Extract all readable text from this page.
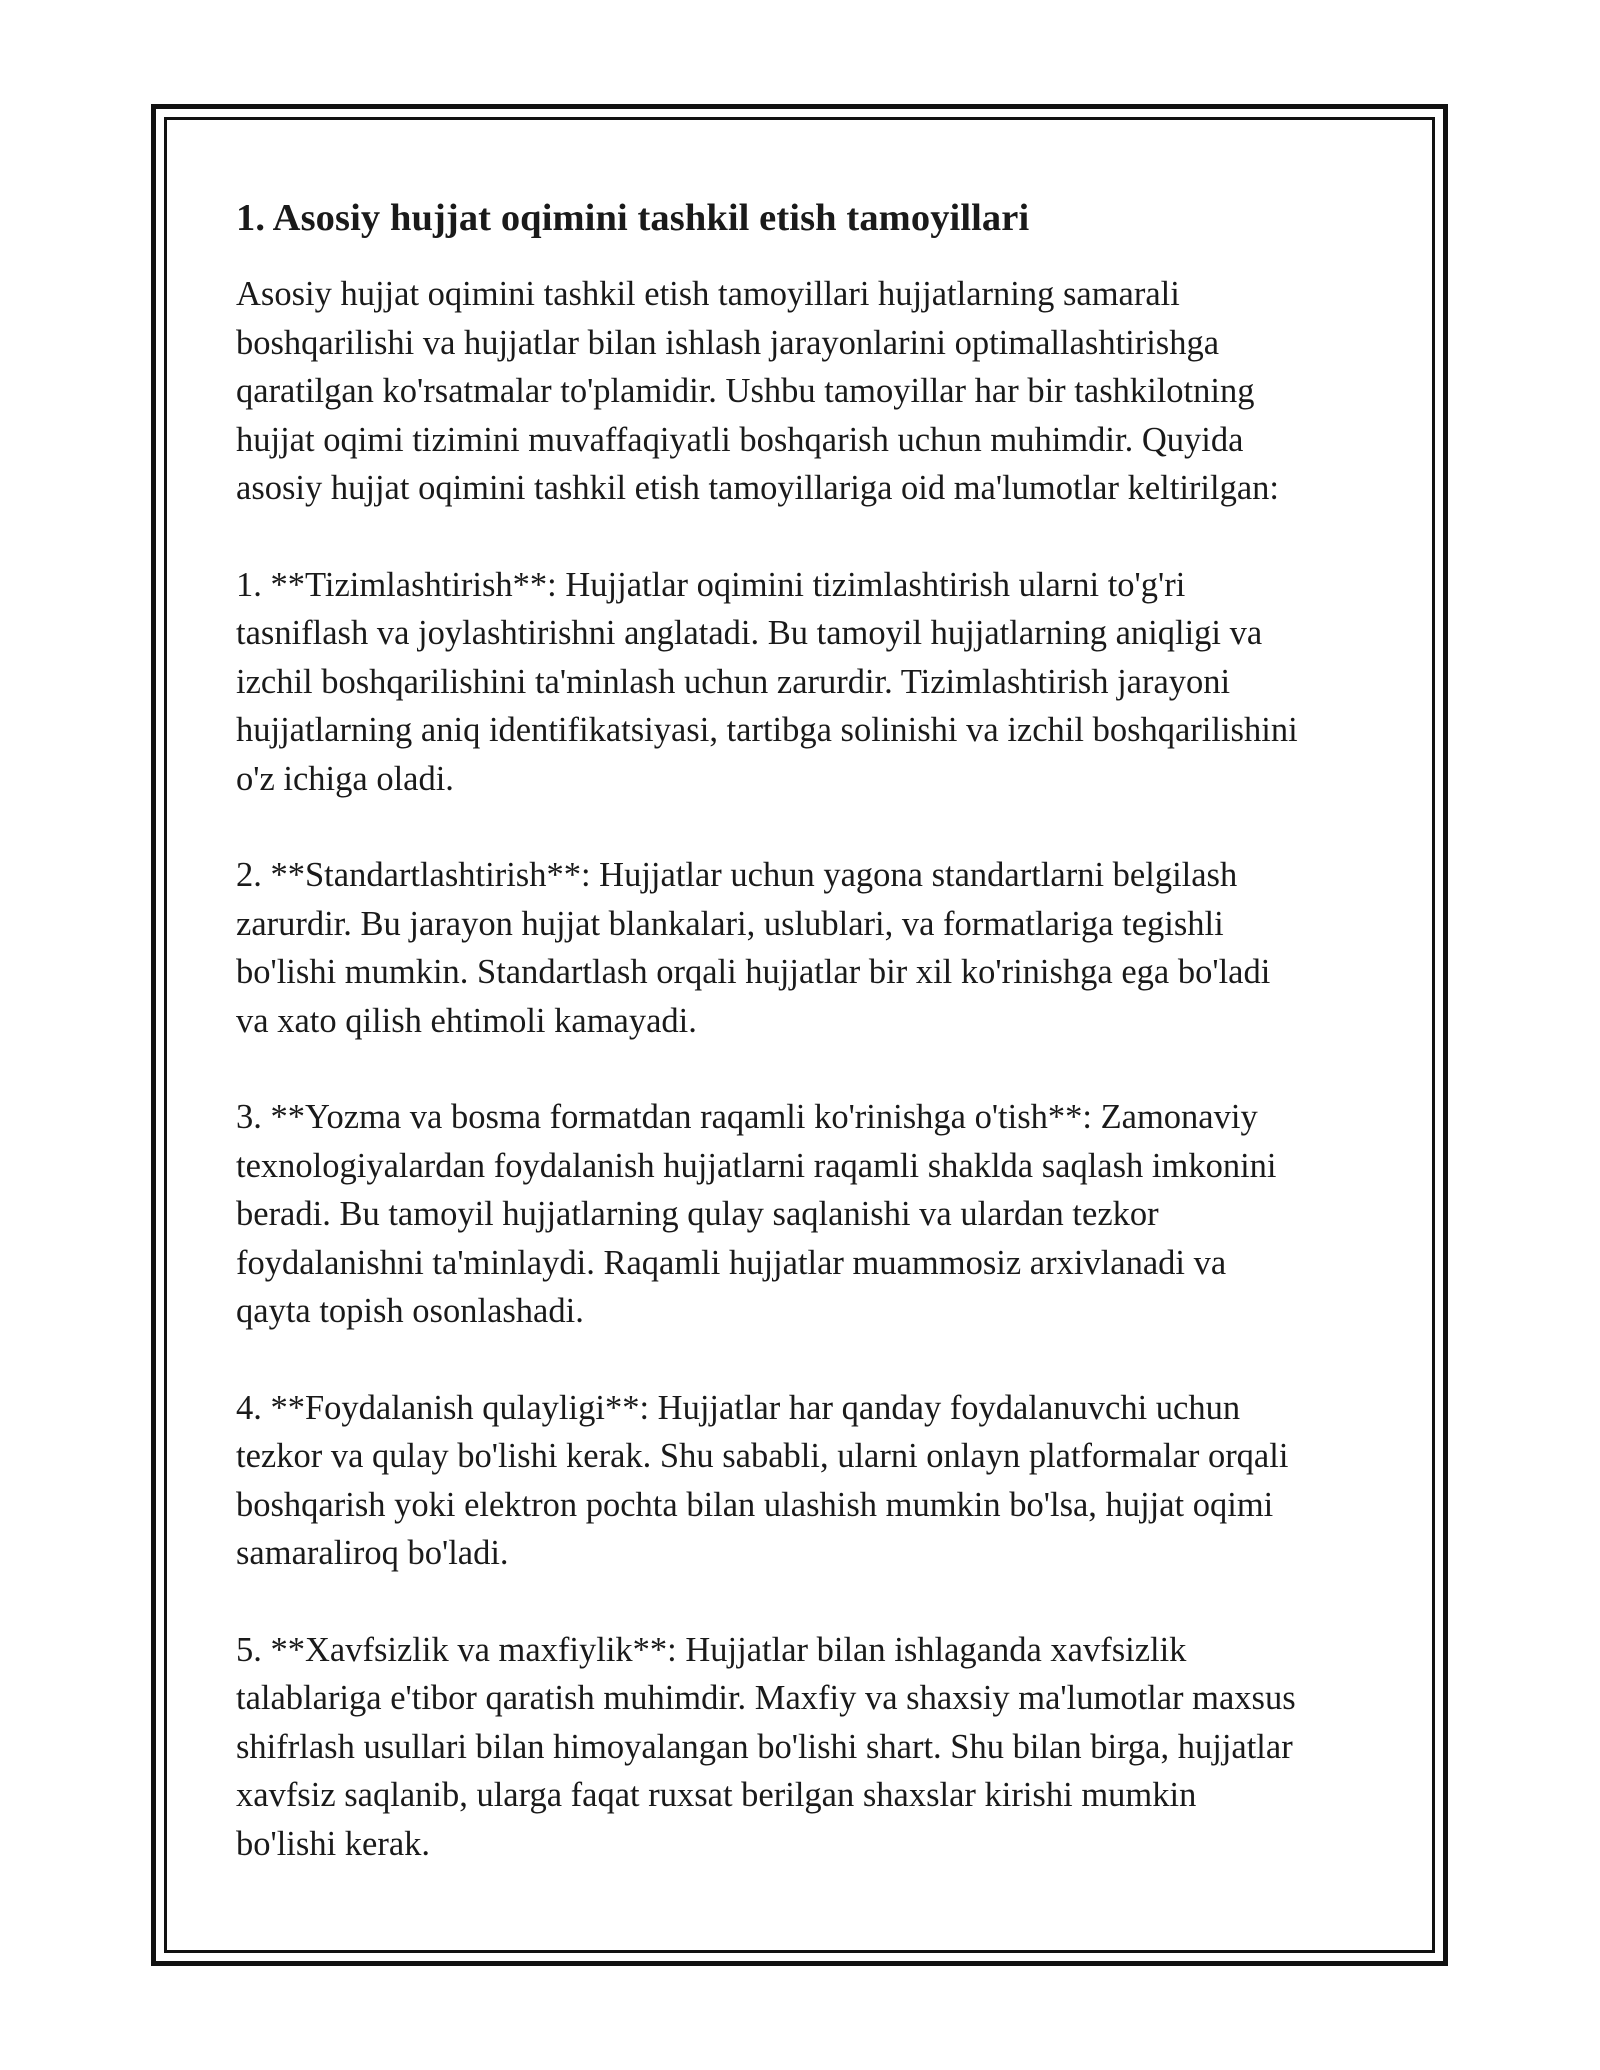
1. Asosiy hujjat oqimini tashkil etish tamoyillari

Asosiy hujjat oqimini tashkil etish tamoyillari hujjatlarning samarali
boshqarilishi va hujjatlar bilan ishlash jarayonlarini optimallashtirishga
qaratilgan ko'rsatmalar to'plamidir. Ushbu tamoyillar har bir tashkilotning
hujjat oqimi tizimini muvaffaqiyatli boshqarish uchun muhimdir. Quyida
asosiy hujjat oqimini tashkil etish tamoyillariga oid ma'lumotlar keltirilgan:

1. **Tizimlashtirish**: Hujjatlar oqimini tizimlashtirish ularni to'g'ri
tasniflash va joylashtirishni anglatadi. Bu tamoyil hujjatlarning aniqligi va
izchil boshqarilishini ta'minlash uchun zarurdir. Tizimlashtirish jarayoni
hujjatlarning aniq identifikatsiyasi, tartibga solinishi va izchil boshqarilishini
o'z ichiga oladi.

2. **Standartlashtirish**: Hujjatlar uchun yagona standartlarni belgilash
zarurdir. Bu jarayon hujjat blankalari, uslublari, va formatlariga tegishli
bo'lishi mumkin. Standartlash orqali hujjatlar bir xil ko'rinishga ega bo'ladi
va xato qilish ehtimoli kamayadi.

3. **Yozma va bosma formatdan raqamli ko'rinishga o'tish**: Zamonaviy
texnologiyalardan foydalanish hujjatlarni raqamli shaklda saqlash imkonini
beradi. Bu tamoyil hujjatlarning qulay saqlanishi va ulardan tezkor
foydalanishni ta'minlaydi. Raqamli hujjatlar muammosiz arxivlanadi va
qayta topish osonlashadi.

4. **Foydalanish qulayligi**: Hujjatlar har qanday foydalanuvchi uchun
tezkor va qulay bo'lishi kerak. Shu sababli, ularni onlayn platformalar orqali
boshqarish yoki elektron pochta bilan ulashish mumkin bo'lsa, hujjat oqimi
samaraliroq bo'ladi.

5. **Xavfsizlik va maxfiylik**: Hujjatlar bilan ishlaganda xavfsizlik
talablariga e'tibor qaratish muhimdir. Maxfiy va shaxsiy ma'lumotlar maxsus
shifrlash usullari bilan himoyalangan bo'lishi shart. Shu bilan birga, hujjatlar
xavfsiz saqlanib, ularga faqat ruxsat berilgan shaxslar kirishi mumkin
bo'lishi kerak.
